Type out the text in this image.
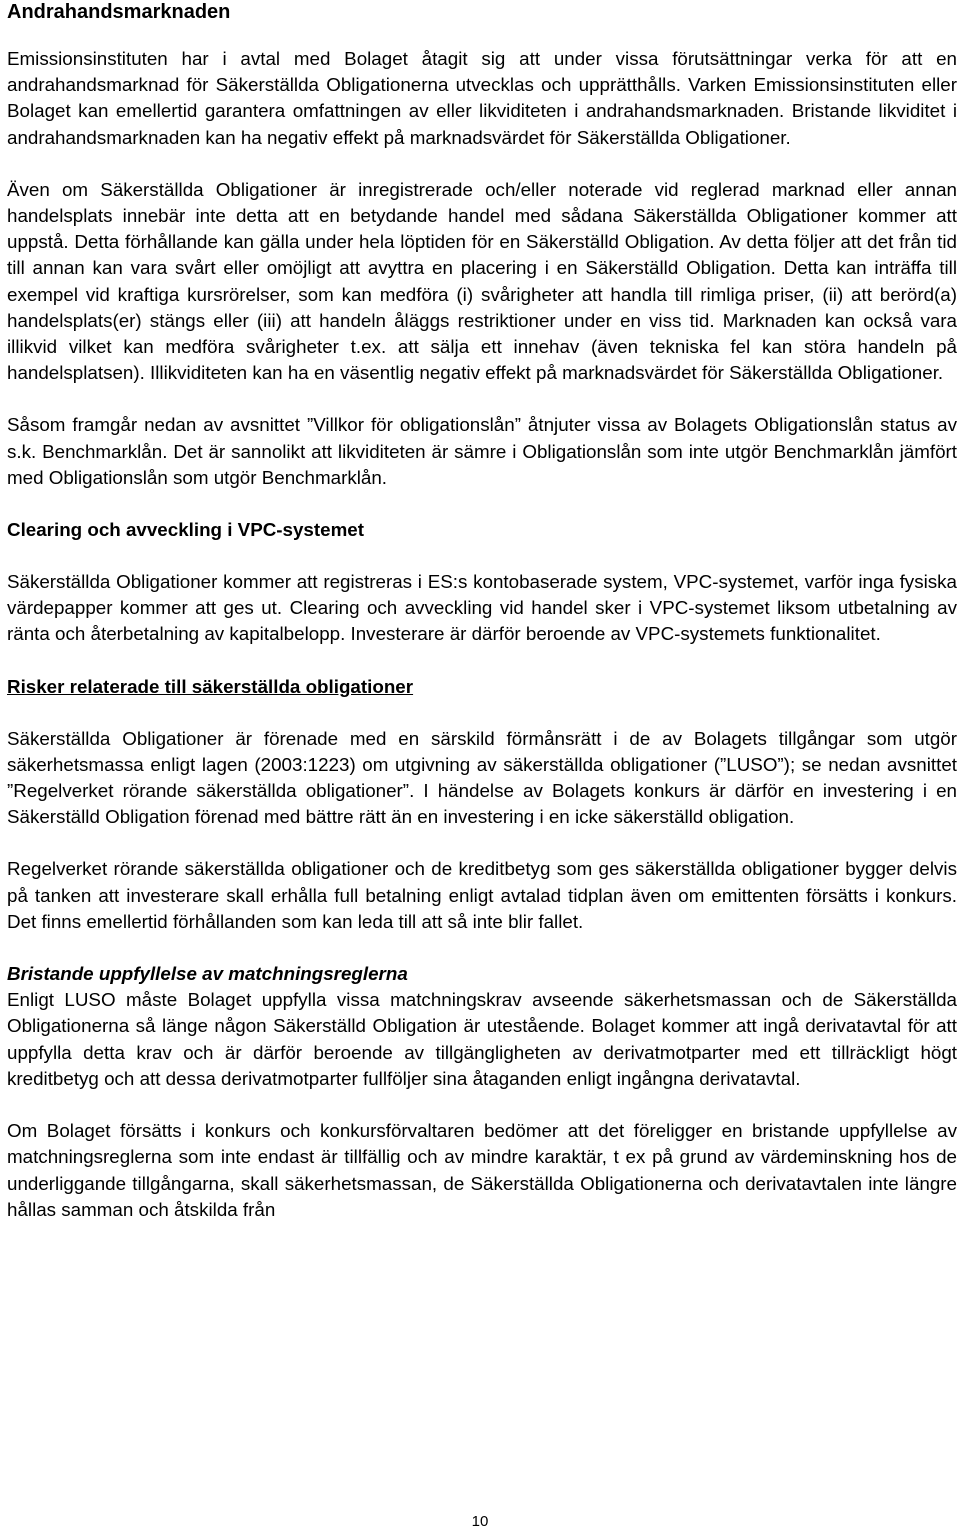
Andrahandsmarknaden

Emissionsinstituten har i avtal med Bolaget åtagit sig att under vissa förutsättningar verka för att en andrahandsmarknad för Säkerställda Obligationerna utvecklas och upprätthålls. Varken Emissionsinstituten eller Bolaget kan emellertid garantera omfattningen av eller likviditeten i andrahandsmarknaden. Bristande likviditet i andrahandsmarknaden kan ha negativ effekt på marknadsvärdet för Säkerställda Obligationer.

Även om Säkerställda Obligationer är inregistrerade och/eller noterade vid reglerad marknad eller annan handelsplats innebär inte detta att en betydande handel med sådana Säkerställda Obligationer kommer att uppstå. Detta förhållande kan gälla under hela löptiden för en Säkerställd Obligation. Av detta följer att det från tid till annan kan vara svårt eller omöjligt att avyttra en placering i en Säkerställd Obligation. Detta kan inträffa till exempel vid kraftiga kursrörelser, som kan medföra (i) svårigheter att handla till rimliga priser, (ii) att berörd(a) handelsplats(er) stängs eller (iii) att handeln åläggs restriktioner under en viss tid. Marknaden kan också vara illikvid vilket kan medföra svårigheter t.ex. att sälja ett innehav (även tekniska fel kan störa handeln på handelsplatsen). Illikviditeten kan ha en väsentlig negativ effekt på marknadsvärdet för Säkerställda Obligationer.

Såsom framgår nedan av avsnittet ”Villkor för obligationslån” åtnjuter vissa av Bolagets Obligationslån status av s.k. Benchmarklån. Det är sannolikt att likviditeten är sämre i Obligationslån som inte utgör Benchmarklån jämfört med Obligationslån som utgör Benchmarklån.

Clearing och avveckling i VPC-systemet

Säkerställda Obligationer kommer att registreras i ES:s kontobaserade system, VPC-systemet, varför inga fysiska värdepapper kommer att ges ut. Clearing och avveckling vid handel sker i VPC-systemet liksom utbetalning av ränta och återbetalning av kapitalbelopp. Investerare är därför beroende av VPC-systemets funktionalitet.

Risker relaterade till säkerställda obligationer

Säkerställda Obligationer är förenade med en särskild förmånsrätt i de av Bolagets tillgångar som utgör säkerhetsmassa enligt lagen (2003:1223) om utgivning av säkerställda obligationer (”LUSO”); se nedan avsnittet ”Regelverket rörande säkerställda obligationer”. I händelse av Bolagets konkurs är därför en investering i en Säkerställd Obligation förenad med bättre rätt än en investering i en icke säkerställd obligation.

Regelverket rörande säkerställda obligationer och de kreditbetyg som ges säkerställda obligationer bygger delvis på tanken att investerare skall erhålla full betalning enligt avtalad tidplan även om emittenten försätts i konkurs. Det finns emellertid förhållanden som kan leda till att så inte blir fallet.

Bristande uppfyllelse av matchningsreglerna

Enligt LUSO måste Bolaget uppfylla vissa matchningskrav avseende säkerhetsmassan och de Säkerställda Obligationerna så länge någon Säkerställd Obligation är utestående. Bolaget kommer att ingå derivatavtal för att uppfylla detta krav och är därför beroende av tillgängligheten av derivatmotparter med ett tillräckligt högt kreditbetyg och att dessa derivatmotparter fullföljer sina åtaganden enligt ingångna derivatavtal.

Om Bolaget försätts i konkurs och konkursförvaltaren bedömer att det föreligger en bristande uppfyllelse av matchningsreglerna som inte endast är tillfällig och av mindre karaktär, t ex på grund av värdeminskning hos de underliggande tillgångarna, skall säkerhetsmassan, de Säkerställda Obligationerna och derivatavtalen inte längre hållas samman och åtskilda från

10
